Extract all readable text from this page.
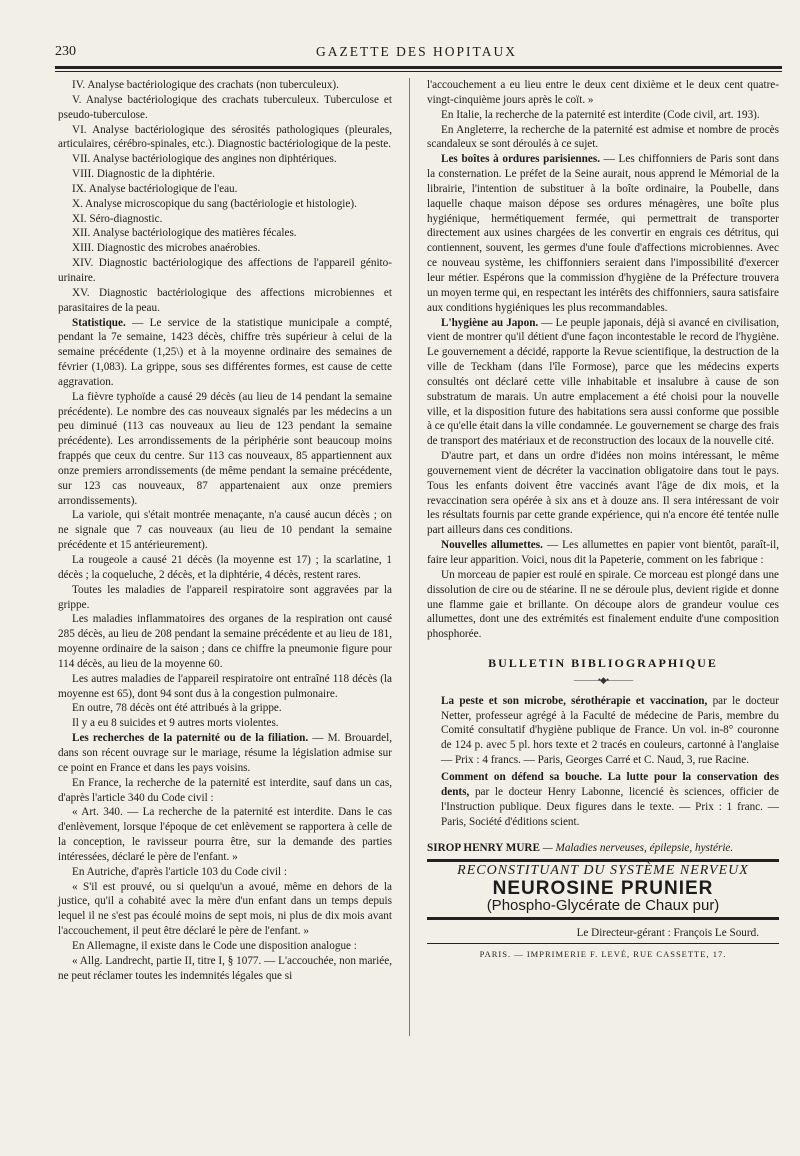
230	GAZETTE DES HOPITAUX

IV. Analyse bactériologique des crachats (non tuberculeux).

V. Analyse bactériologique des crachats tuberculeux. Tuberculose et pseudo-tuberculose.

VI. Analyse bactériologique des sérosités pathologiques (pleurales, articulaires, cérébro-spinales, etc.). Diagnostic bactériologique de la peste.

VII. Analyse bactériologique des angines non diphtériques.

VIII. Diagnostic de la diphtérie.

IX. Analyse bactériologique de l'eau.

X. Analyse microscopique du sang (bactériologie et histologie).

XI. Séro-diagnostic.

XII. Analyse bactériologique des matières fécales.

XIII. Diagnostic des microbes anaérobies.

XIV. Diagnostic bactériologique des affections de l'appareil génito-urinaire.

XV. Diagnostic bactériologique des affections microbiennes et parasitaires de la peau.

Statistique. — Le service de la statistique municipale a compté, pendant la 7e semaine, 1423 décès, chiffre très supérieur à celui de la semaine précédente (1,25\) et à la moyenne ordinaire des semaines de février (1,083). La grippe, sous ses différentes formes, est cause de cette aggravation.

La fièvre typhoïde a causé 29 décès (au lieu de 14 pendant la semaine précédente). Le nombre des cas nouveaux signalés par les médecins a un peu diminué (113 cas nouveaux au lieu de 123 pendant la semaine précédente). Les arrondissements de la périphérie sont beaucoup moins frappés que ceux du centre. Sur 113 cas nouveaux, 85 appartiennent aux onze premiers arrondissements (de même pendant la semaine précédente, sur 123 cas nouveaux, 87 appartenaient aux onze premiers arrondissements).

La variole, qui s'était montrée menaçante, n'a causé aucun décès ; on ne signale que 7 cas nouveaux (au lieu de 10 pendant la semaine précédente et 15 antérieurement).

La rougeole a causé 21 décès (la moyenne est 17) ; la scarlatine, 1 décès ; la coqueluche, 2 décès, et la diphtérie, 4 décès, restent rares.

Toutes les maladies de l'appareil respiratoire sont aggravées par la grippe.

Les maladies inflammatoires des organes de la respiration ont causé 285 décès, au lieu de 208 pendant la semaine précédente et au lieu de 181, moyenne ordinaire de la saison ; dans ce chiffre la pneumonie figure pour 114 décès, au lieu de la moyenne 60.

Les autres maladies de l'appareil respiratoire ont entraîné 118 décès (la moyenne est 65), dont 94 sont dus à la congestion pulmonaire.

En outre, 78 décès ont été attribués à la grippe.

Il y a eu 8 suicides et 9 autres morts violentes.

Les recherches de la paternité ou de la filiation. — M. Brouardel, dans son récent ouvrage sur le mariage, résume la législation admise sur ce point en France et dans les pays voisins.

En France, la recherche de la paternité est interdite, sauf dans un cas, d'après l'article 340 du Code civil :

« Art. 340. — La recherche de la paternité est interdite. Dans le cas d'enlèvement, lorsque l'époque de cet enlèvement se rapportera à celle de la conception, le ravisseur pourra être, sur la demande des parties intéressées, déclaré le père de l'enfant. »

En Autriche, d'après l'article 103 du Code civil :

« S'il est prouvé, ou si quelqu'un a avoué, même en dehors de la justice, qu'il a cohabité avec la mère d'un enfant dans un temps depuis lequel il ne s'est pas écoulé moins de sept mois, ni plus de dix mois avant l'accouchement, il peut être déclaré le père de l'enfant. »

En Allemagne, il existe dans le Code une disposition analogue :

« Allg. Landrecht, partie II, titre I, § 1077. — L'accouchée, non mariée, ne peut réclamer toutes les indemnités légales que si

l'accouchement a eu lieu entre le deux cent dixième et le deux cent quatre-vingt-cinquième jours après le coït. »

En Italie, la recherche de la paternité est interdite (Code civil, art. 193).

En Angleterre, la recherche de la paternité est admise et nombre de procès scandaleux se sont déroulés à ce sujet.

Les boîtes à ordures parisiennes. — Les chiffonniers de Paris sont dans la consternation. Le préfet de la Seine aurait, nous apprend le Mémorial de la librairie, l'intention de substituer à la boîte ordinaire, la Poubelle, dans laquelle chaque maison dépose ses ordures ménagères, une boîte plus hygiénique, hermétiquement fermée, qui permettrait de transporter directement aux usines chargées de les convertir en engrais ces détritus, qui contiennent, souvent, les germes d'une foule d'affections microbiennes. Avec ce nouveau système, les chiffonniers seraient dans l'impossibilité d'exercer leur métier. Espérons que la commission d'hygiène de la Préfecture trouvera un moyen terme qui, en respectant les intérêts des chiffonniers, saura satisfaire aux conditions hygiéniques les plus recommandables.

L'hygiène au Japon. — Le peuple japonais, déjà si avancé en civilisation, vient de montrer qu'il détient d'une façon incontestable le record de l'hygiène. Le gouvernement a décidé, rapporte la Revue scientifique, la destruction de la ville de Teckham (dans l'île Formose), parce que les médecins experts consultés ont déclaré cette ville inhabitable et insalubre à cause de son substratum de marais. Un autre emplacement a été choisi pour la nouvelle ville, et la disposition future des habitations sera aussi conforme que possible à ce qu'elle était dans la ville condamnée. Le gouvernement se charge des frais de transport des matériaux et de reconstruction des locaux de la nouvelle cité.

D'autre part, et dans un ordre d'idées non moins intéressant, le même gouvernement vient de décréter la vaccination obligatoire dans tout le pays. Tous les enfants doivent être vaccinés avant l'âge de dix mois, et la revaccination sera opérée à six ans et à douze ans. Il sera intéressant de voir les résultats fournis par cette grande expérience, qui n'a encore été tentée nulle part ailleurs dans ces conditions.

Nouvelles allumettes. — Les allumettes en papier vont bientôt, paraît-il, faire leur apparition. Voici, nous dit la Papeterie, comment on les fabrique :

Un morceau de papier est roulé en spirale. Ce morceau est plongé dans une dissolution de cire ou de stéarine. Il ne se déroule plus, devient rigide et donne une flamme gaie et brillante. On découpe alors de grandeur voulue ces allumettes, dont une des extrémités est finalement enduite d'une composition phosphorée.

BULLETIN BIBLIOGRAPHIQUE
———•◆•———

La peste et son microbe, sérothérapie et vaccination, par le docteur Netter, professeur agrégé à la Faculté de médecine de Paris, membre du Comité consultatif d'hygiène publique de France. Un vol. in-8° couronne de 124 p. avec 5 pl. hors texte et 2 tracés en couleurs, cartonné à l'anglaise — Prix : 4 francs. — Paris, Georges Carré et C. Naud, 3, rue Racine.

Comment on défend sa bouche. La lutte pour la conservation des dents, par le docteur Henry Labonne, licencié ès sciences, officier de l'Instruction publique. Deux figures dans le texte. — Prix : 1 franc. — Paris, Société d'éditions scient.

SIROP HENRY MURE — Maladies nerveuses, épilepsie, hystérie.
RECONSTITUANT DU SYSTÈME NERVEUX
NEUROSINE PRUNIER
(Phospho-Glycérate de Chaux pur)
Le Directeur-gérant : François Le Sourd.
PARIS. — IMPRIMERIE F. LEVÉ, RUE CASSETTE, 17.
